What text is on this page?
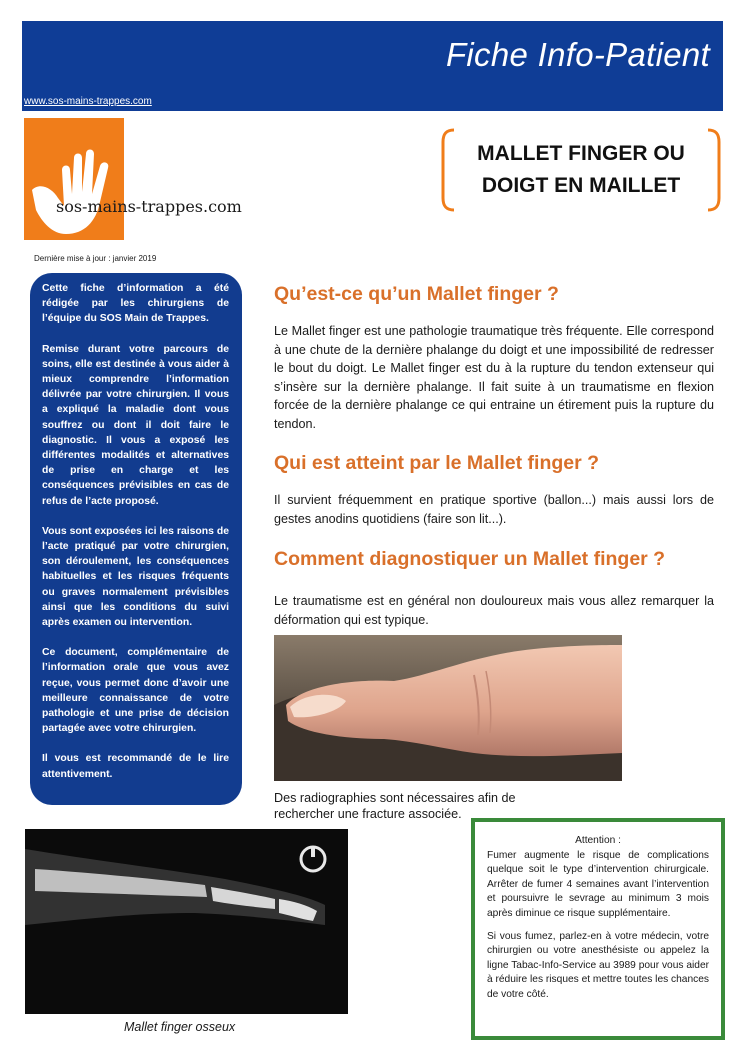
Fiche Info-Patient
www.sos-mains-trappes.com
sos-mains-trappes.com
Dernière mise à jour : janvier 2019
MALLET FINGER OU
DOIGT EN MAILLET

Cette fiche d’information a été rédigée par les chirurgiens de l’équipe du SOS Main de Trappes.

Remise durant votre parcours de soins, elle est destinée à vous aider à mieux comprendre l’information délivrée par votre chirurgien. Il vous a expliqué la maladie dont vous souffrez ou dont il doit faire le diagnostic. Il vous a exposé les différentes modalités et alternatives de prise en charge et les conséquences prévisibles en cas de refus de l’acte proposé.

Vous sont exposées ici les raisons de l’acte pratiqué par votre chirurgien, son déroulement, les conséquences habituelles et les risques fréquents ou graves normalement prévisibles ainsi que les conditions du suivi après examen ou intervention.

Ce document, complémentaire de l’information orale que vous avez reçue, vous permet donc d’avoir une meilleure connaissance de votre pathologie et une prise de décision partagée avec votre chirurgien.

Il vous est recommandé de le lire attentivement.

Qu’est-ce qu’un Mallet finger ?

Le Mallet finger est une pathologie traumatique très fréquente. Elle correspond à une chute de la dernière phalange du doigt et une impossibilité de redresser le bout du doigt. Le Mallet finger est du à la rupture du tendon extenseur qui s’insère sur la dernière phalange. Il fait suite à un traumatisme en flexion forcée de la dernière phalange ce qui entraine un étirement puis la rupture du tendon.

Qui est atteint par le Mallet finger ?

Il survient fréquemment en pratique sportive (ballon...) mais aussi lors de gestes anodins quotidiens (faire son lit...).

Comment diagnostiquer un Mallet finger ?

Le traumatisme est en général non douloureux mais vous allez remarquer la déformation qui est typique.

Des radiographies sont nécessaires afin de rechercher une fracture associée.

Mallet finger osseux

Attention :

Fumer augmente le risque de complications quelque soit le type d’intervention chirurgicale. Arrêter de fumer 4 semaines avant l’intervention et poursuivre le sevrage au minimum 3 mois après diminue ce risque supplémentaire.

Si vous fumez, parlez-en à votre médecin, votre chirurgien ou votre anesthésiste ou appelez la ligne Tabac-Info-Service au 3989 pour vous aider à réduire les risques et mettre toutes les chances de votre côté.
